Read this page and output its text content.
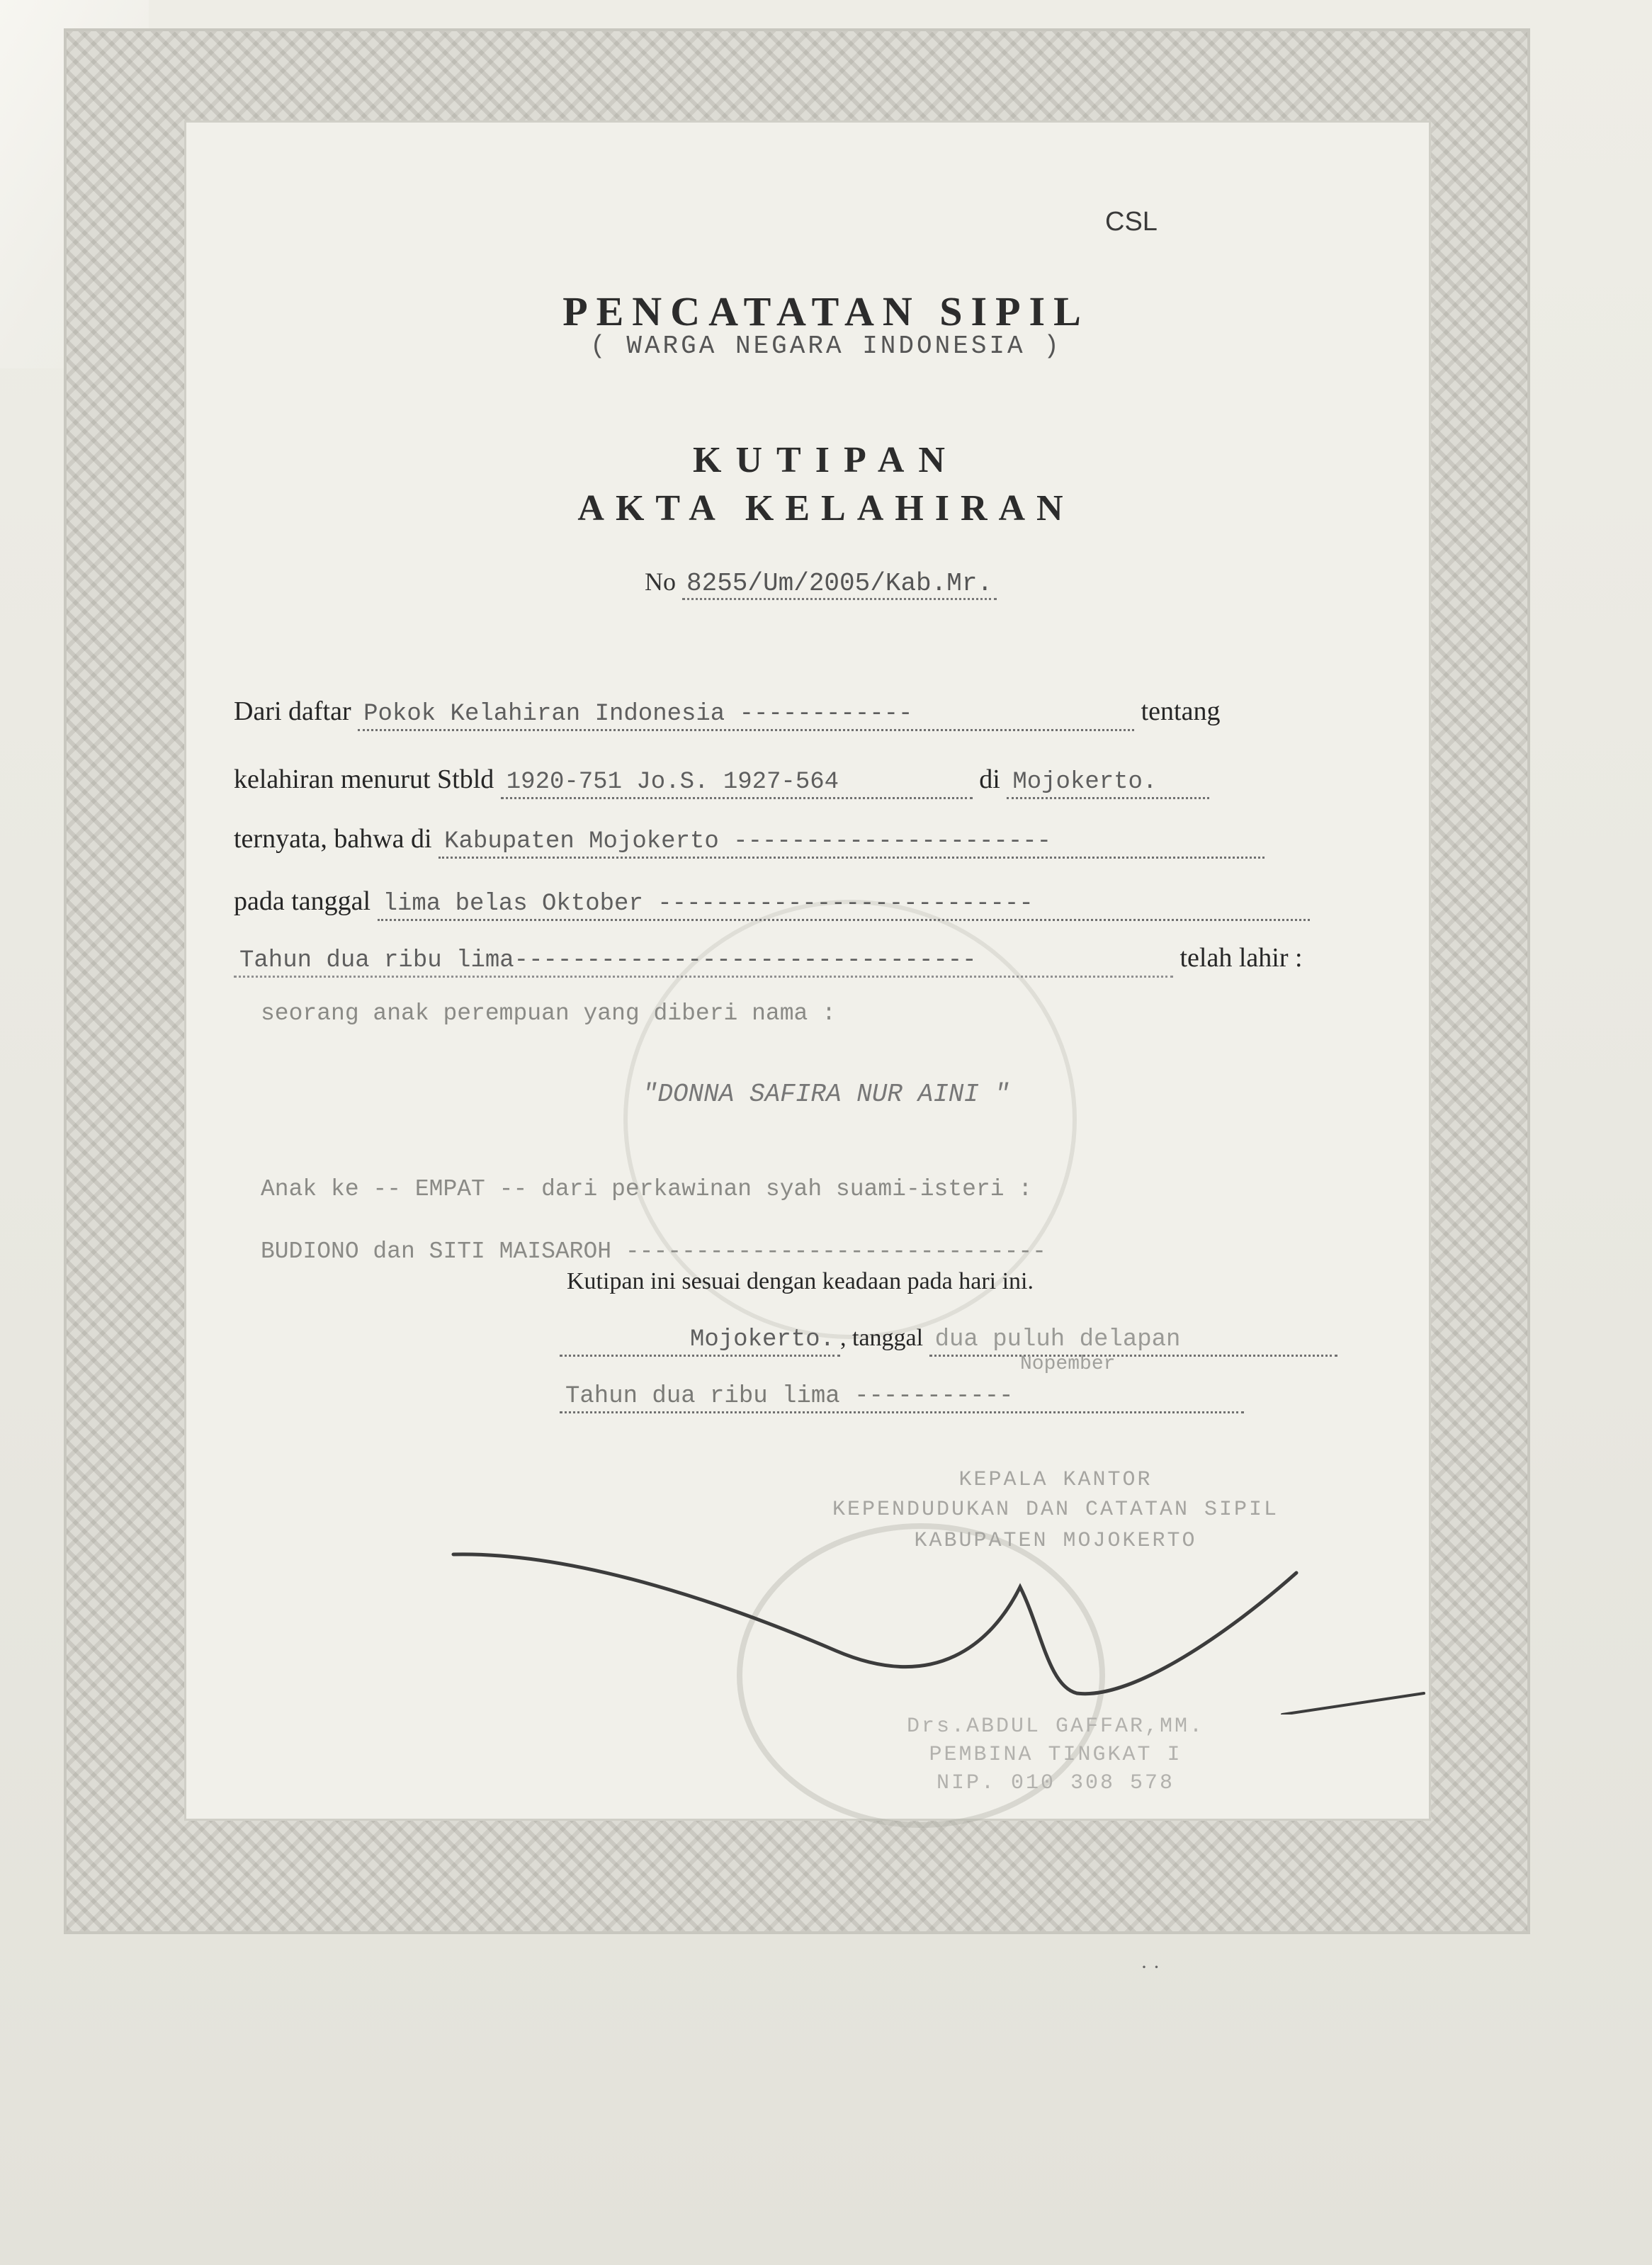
CSL
PENCATATAN SIPIL
( WARGA NEGARA INDONESIA )
KUTIPAN
AKTA KELAHIRAN
No 8255/Um/2005/Kab.Mr.
Dari daftar Pokok Kelahiran Indonesia ------------	tentang
kelahiran menurut Stbld 1920-751 Jo.S. 1927-564	di Mojokerto.
ternyata, bahwa di Kabupaten Mojokerto ----------------------
pada tanggal lima belas Oktober --------------------------
Tahun dua ribu lima--------------------------------	telah lahir :
seorang anak perempuan yang diberi nama :
"DONNA SAFIRA NUR AINI "
Anak ke -- EMPAT -- dari perkawinan syah suami-isteri :
BUDIONO dan SITI MAISAROH ------------------------------
Kutipan ini sesuai dengan keadaan pada hari ini.
Mojokerto. , tanggal dua puluh delapan
Nopember
Tahun dua ribu lima -----------
KEPALA KANTOR
KEPENDUDUKAN DAN CATATAN SIPIL
KABUPATEN MOJOKERTO
Drs.ABDUL GAFFAR,MM.
PEMBINA TINGKAT I
NIP. 010 308 578
· ·
